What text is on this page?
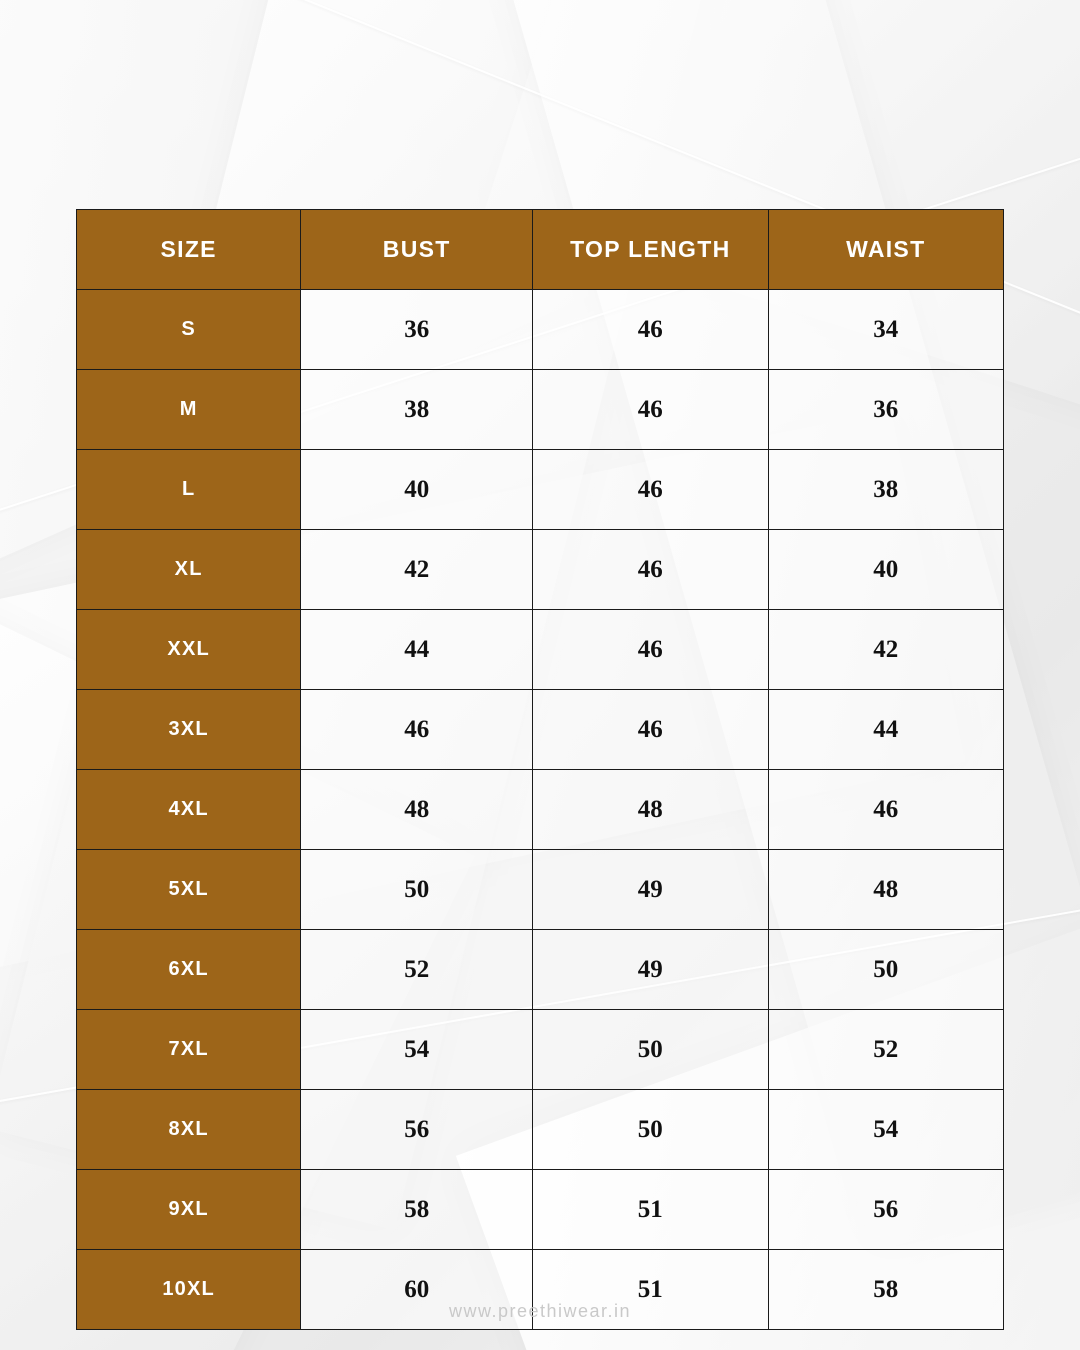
SIZE	BUST	TOP LENGTH	WAIST
S	36	46	34
M	38	46	36
L	40	46	38
XL	42	46	40
XXL	44	46	42
3XL	46	46	44
4XL	48	48	46
5XL	50	49	48
6XL	52	49	50
7XL	54	50	52
8XL	56	50	54
9XL	58	51	56
10XL	60	51	58
www.preethiwear.in
